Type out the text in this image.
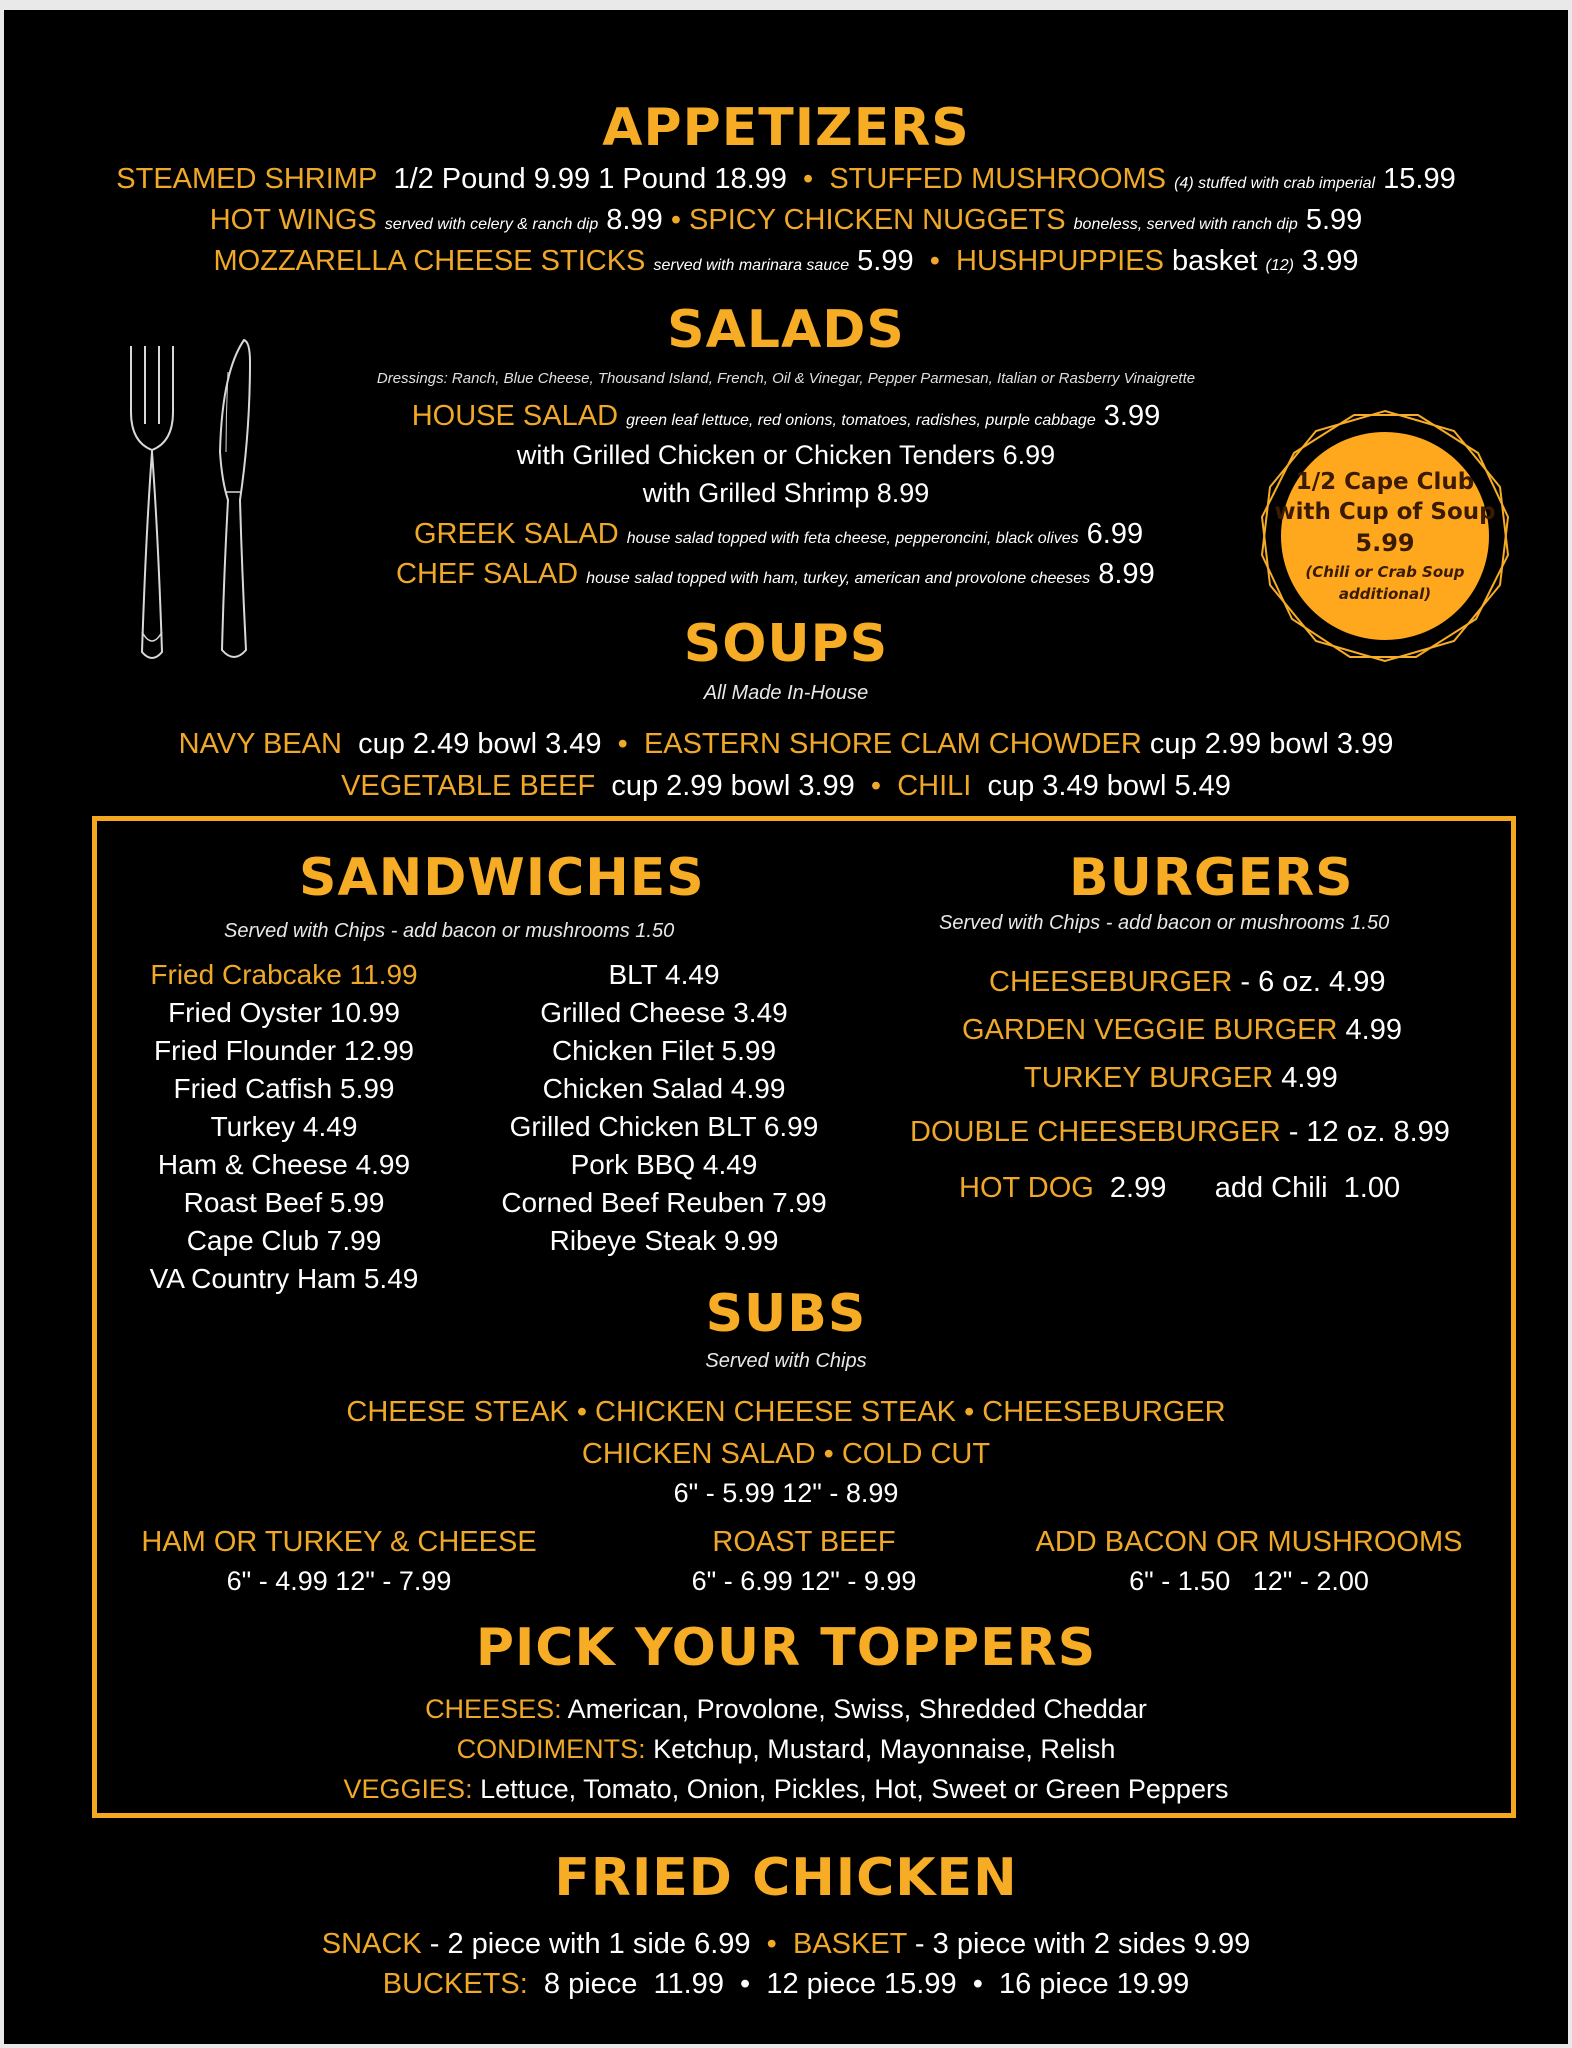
APPETIZERS
STEAMED SHRIMP 1/2 Pound 9.99 1 Pound 18.99 • STUFFED MUSHROOMS (4) stuffed with crab imperial 15.99
HOT WINGS served with celery & ranch dip 8.99 • SPICY CHICKEN NUGGETS boneless, served with ranch dip 5.99
MOZZARELLA CHEESE STICKS served with marinara sauce 5.99 • HUSHPUPPIES basket (12) 3.99
SALADS
Dressings: Ranch, Blue Cheese, Thousand Island, French, Oil & Vinegar, Pepper Parmesan, Italian or Rasberry Vinaigrette
HOUSE SALAD green leaf lettuce, red onions, tomatoes, radishes, purple cabbage 3.99
with Grilled Chicken or Chicken Tenders 6.99
with Grilled Shrimp 8.99
GREEK SALAD house salad topped with feta cheese, pepperoncini, black olives 6.99
CHEF SALAD house salad topped with ham, turkey, american and provolone cheeses 8.99
1/2 Cape Club
with Cup of Soup
5.99
(Chili or Crab Soup
additional)
SOUPS
All Made In-House
NAVY BEAN cup 2.49 bowl 3.49 • EASTERN SHORE CLAM CHOWDER cup 2.99 bowl 3.99
VEGETABLE BEEF cup 2.99 bowl 3.99 • CHILI cup 3.49 bowl 5.49
SANDWICHES
Served with Chips - add bacon or mushrooms 1.50
Fried Crabcake 11.99
Fried Oyster 10.99
Fried Flounder 12.99
Fried Catfish 5.99
Turkey 4.49
Ham & Cheese 4.99
Roast Beef 5.99
Cape Club 7.99
VA Country Ham 5.49
BLT 4.49
Grilled Cheese 3.49
Chicken Filet 5.99
Chicken Salad 4.99
Grilled Chicken BLT 6.99
Pork BBQ 4.49
Corned Beef Reuben 7.99
Ribeye Steak 9.99
BURGERS
Served with Chips - add bacon or mushrooms 1.50
CHEESEBURGER - 6 oz. 4.99
GARDEN VEGGIE BURGER 4.99
TURKEY BURGER 4.99
DOUBLE CHEESEBURGER - 12 oz. 8.99
HOT DOG  2.99      add Chili  1.00
SUBS
Served with Chips
CHEESE STEAK • CHICKEN CHEESE STEAK • CHEESEBURGER
CHICKEN SALAD • COLD CUT
6" - 5.99 12" - 8.99
HAM OR TURKEY & CHEESE
6" - 4.99 12" - 7.99
ROAST BEEF
6" - 6.99 12" - 9.99
ADD BACON OR MUSHROOMS
6" - 1.50   12" - 2.00
PICK YOUR TOPPERS
CHEESES: American, Provolone, Swiss, Shredded Cheddar
CONDIMENTS: Ketchup, Mustard, Mayonnaise, Relish
VEGGIES: Lettuce, Tomato, Onion, Pickles, Hot, Sweet or Green Peppers
FRIED CHICKEN
SNACK - 2 piece with 1 side 6.99 • BASKET - 3 piece with 2 sides 9.99
BUCKETS:  8 piece  11.99  •  12 piece 15.99  •  16 piece 19.99
